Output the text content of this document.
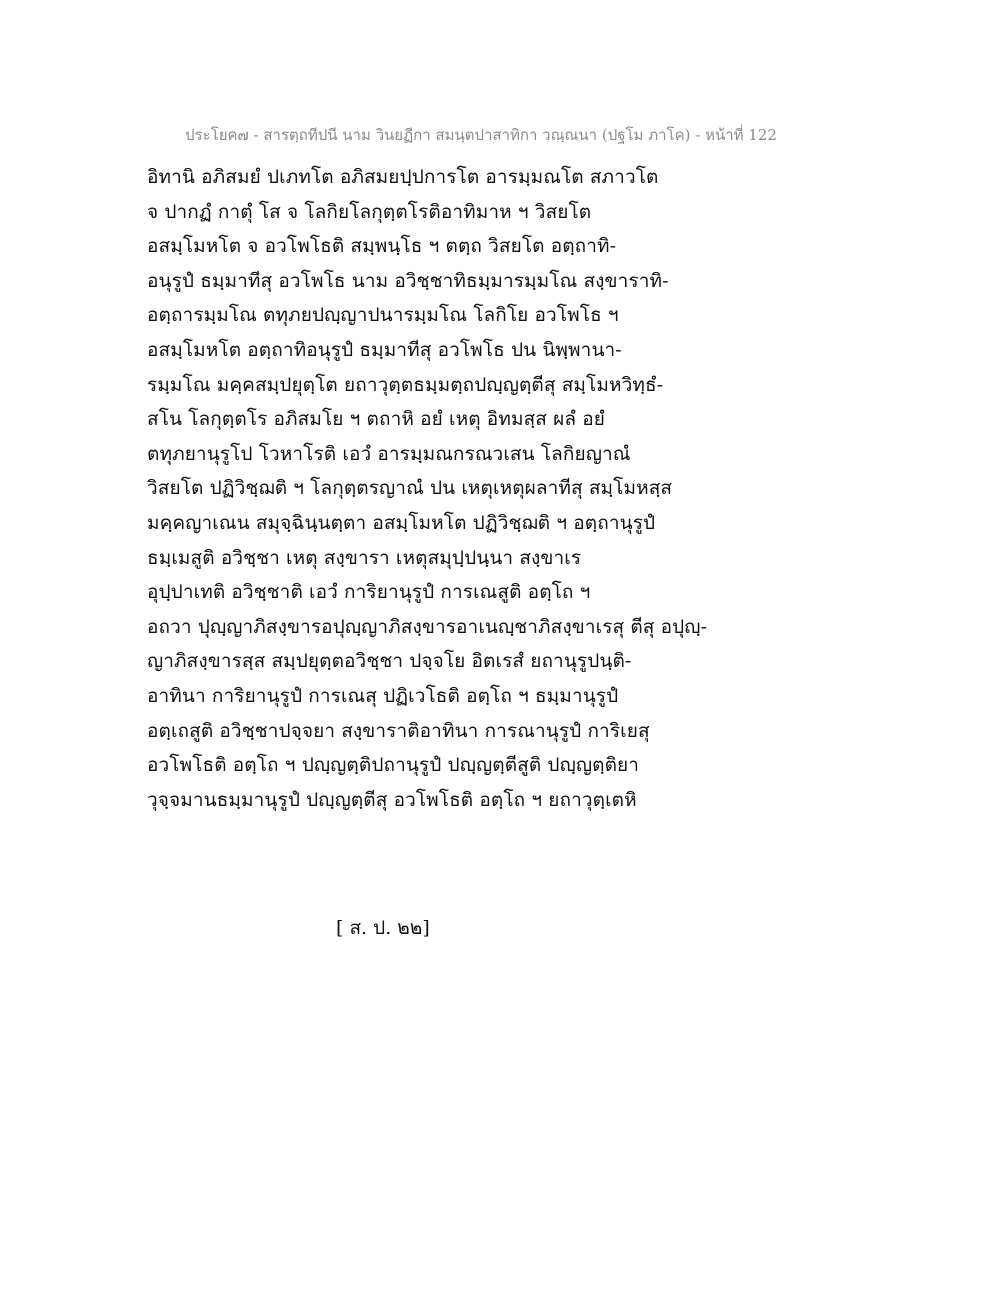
ประโยค๗ - สารตฺถทีปนี นาม วินยฏีกา สมนฺตปาสาทิกา วณฺณนา (ปฐโม ภาโค) - หน้าที่ 122
อิทานิ อภิสมยํ ปเภทโต อภิสมยปฺปการโต อารมฺมณโต สภาวโต
จ ปากฏํ กาตุํ โส จ โลกิยโลกุตฺตโรติอาทิมาห ฯ วิสยโต
อสมฺโมหโต จ อวโพโธติ สมฺพนฺโธ ฯ ตตฺถ วิสยโต อตฺถาทิ-
อนุรูปํ ธมฺมาทีสุ อวโพโธ นาม อวิชฺชาทิธมฺมารมฺมโณ สงฺขาราทิ-
อตฺถารมฺมโณ ตทุภยปญฺญาปนารมฺมโณ โลกิโย อวโพโธ ฯ
อสมฺโมหโต อตฺถาทิอนุรูปํ ธมฺมาทีสุ อวโพโธ ปน นิพฺพานา-
รมฺมโณ มคฺคสมฺปยุตฺโต ยถาวุตฺตธมฺมตฺถปญฺญตฺตีสุ สมฺโมหวิทฺธํ-
สโน โลกุตฺตโร อภิสมโย ฯ ตถาหิ อยํ เหตุ อิทมสฺส ผลํ อยํ
ตทุภยานุรูโป โวหาโรติ เอวํ อารมฺมณกรณวเสน โลกิยญาณํ
วิสยโต ปฏิวิชฺฌติ ฯ โลกุตฺตรญาณํ ปน เหตุเหตุผลาทีสุ สมฺโมหสฺส
มคฺคญาเณน สมุจฺฉินฺนตฺตา อสมฺโมหโต ปฏิวิชฺฌติ ฯ อตฺถานุรูปํ
ธมฺเมสูติ อวิชฺชา เหตุ สงฺขารา เหตุสมุปฺปนฺนา สงฺขาเร
อุปฺปาเทติ อวิชฺชาติ เอวํ การิยานุรูปํ การเณสูติ อตฺโถ ฯ
อถวา ปุญฺญาภิสงฺขารอปุญฺญาภิสงฺขารอาเนญฺชาภิสงฺขาเรสุ ตีสุ อปุญฺ-
ญาภิสงฺขารสฺส สมฺปยุตฺตอวิชฺชา ปจฺจโย อิตเรสํ ยถานุรูปนฺติ-
อาทินา การิยานุรูปํ การเณสุ ปฏิเวโธติ อตฺโถ ฯ ธมฺมานุรูปํ
อตฺเถสูติ อวิชฺชาปจฺจยา สงฺขาราติอาทินา การณานุรูปํ การิเยสุ
อวโพโธติ อตฺโถ ฯ ปญฺญตฺติปถานุรูปํ ปญฺญตฺตีสูติ ปญฺญตฺติยา
วุจฺจมานธมฺมานุรูปํ ปญฺญตฺตีสุ อวโพโธติ อตฺโถ ฯ ยถาวุตฺเตหิ
[ ส. ป. ๒๒]
